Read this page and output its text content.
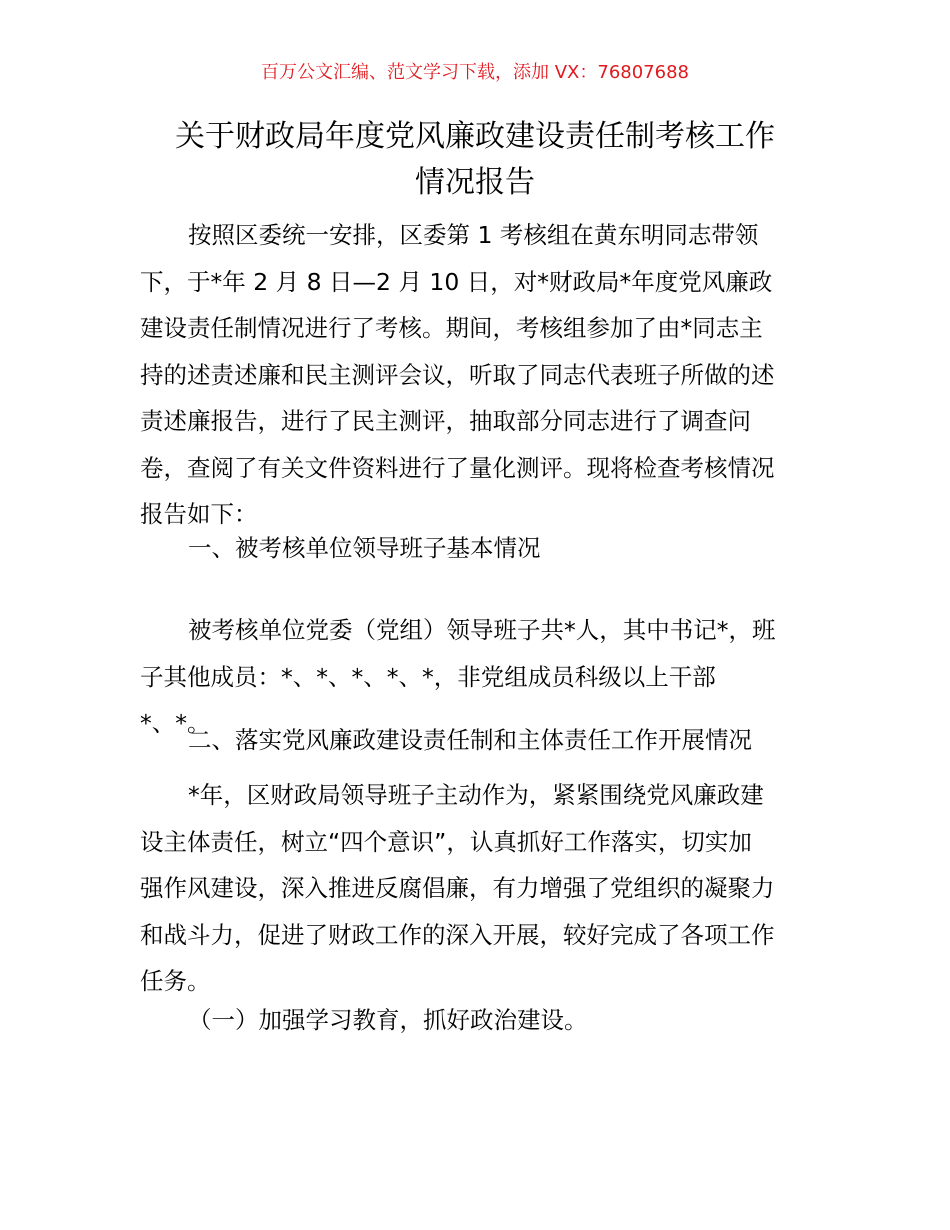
百万公文汇编、范文学习下载，添加 VX：76807688
关于财政局年度党风廉政建设责任制考核工作
情况报告
按照区委统一安排，区委第 1 考核组在黄东明同志带领
下，于*年 2 月 8 日—2 月 10 日，对*财政局*年度党风廉政
建设责任制情况进行了考核。期间，考核组参加了由*同志主
持的述责述廉和民主测评会议，听取了同志代表班子所做的述
责述廉报告，进行了民主测评，抽取部分同志进行了调查问
卷，查阅了有关文件资料进行了量化测评。现将检查考核情况
报告如下：
一、被考核单位领导班子基本情况
被考核单位党委（党组）领导班子共*人，其中书记*，班
子其他成员：*、*、*、*、*，非党组成员科级以上干部
*、*。
二、落实党风廉政建设责任制和主体责任工作开展情况
*年，区财政局领导班子主动作为，紧紧围绕党风廉政建
设主体责任，树立“四个意识”，认真抓好工作落实，切实加
强作风建设，深入推进反腐倡廉，有力增强了党组织的凝聚力
和战斗力，促进了财政工作的深入开展，较好完成了各项工作
任务。
（一）加强学习教育，抓好政治建设。
